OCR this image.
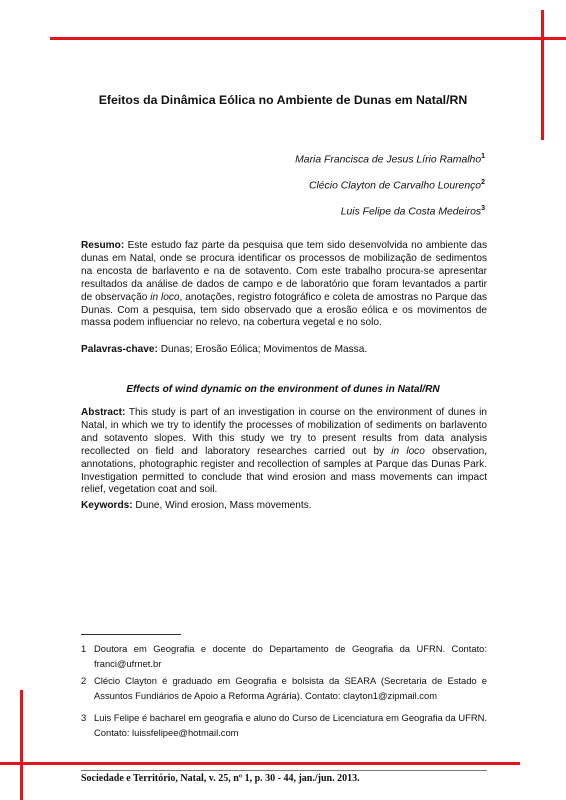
Efeitos da Dinâmica Eólica no Ambiente de Dunas em Natal/RN
Maria Francisca de Jesus Lírio Ramalho$^1$
Clécio Clayton de Carvalho Lourenço$^2$
Luis Felipe da Costa Medeiros$^3$
Resumo: Este estudo faz parte da pesquisa que tem sido desenvolvida no ambiente das dunas em Natal, onde se procura identificar os processos de mobilização de sedimentos na encosta de barlavento e na de sotavento. Com este trabalho procura-se apresentar resultados da análise de dados de campo e de laboratório que foram levantados a partir de observação in loco, anotações, registro fotográfico e coleta de amostras no Parque das Dunas. Com a pesquisa, tem sido observado que a erosão eólica e os movimentos de massa podem influenciar no relevo, na cobertura vegetal e no solo.
Palavras-chave: Dunas; Erosão Eólica; Movimentos de Massa.
Effects of wind dynamic on the environment of dunes in Natal/RN
Abstract: This study is part of an investigation in course on the environment of dunes in Natal, in which we try to identify the processes of mobilization of sediments on barlavento and sotavento slopes. With this study we try to present results from data analysis recollected on field and laboratory researches carried out by in loco observation, annotations, photographic register and recollection of samples at Parque das Dunas Park. Investigation permitted to conclude that wind erosion and mass movements can impact relief, vegetation coat and soil.
Keywords: Dune, Wind erosion, Mass movements.
1 Doutora em Geografia e docente do Departamento de Geografia da UFRN. Contato: franci@ufrnet.br
2 Clécio Clayton é graduado em Geografia e bolsista da SEARA (Secretaria de Estado e Assuntos Fundiários de Apoio a Reforma Agrária). Contato: clayton1@zipmail.com
3 Luis Felipe é bacharel em geografia e aluno do Curso de Licenciatura em Geografia da UFRN. Contato: luissfelipee@hotmail.com
Sociedade e Território, Natal, v. 25, nº 1, p. 30 - 44, jan./jun. 2013.
